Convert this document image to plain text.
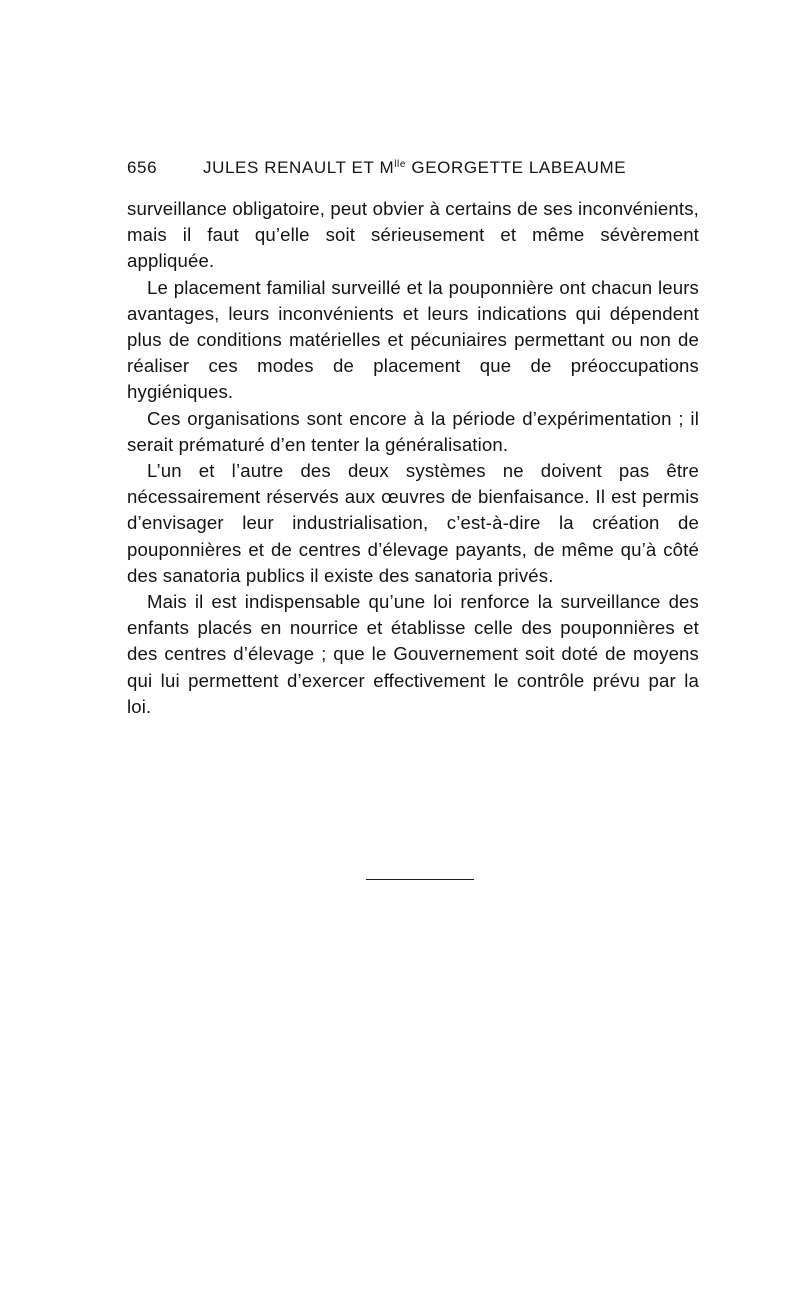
656	JULES RENAULT ET $M^{lle}$ GEORGETTE LABEAUME

surveillance obligatoire, peut obvier à certains de ses inconvénients, mais il faut qu’elle soit sérieusement et même sévèrement appliquée.

Le placement familial surveillé et la pouponnière ont chacun leurs avantages, leurs inconvénients et leurs indications qui dépendent plus de conditions matérielles et pécuniaires permettant ou non de réaliser ces modes de placement que de préoccupations hygiéniques.

Ces organisations sont encore à la période d’expérimentation ; il serait prématuré d’en tenter la généralisation.

L’un et l’autre des deux systèmes ne doivent pas être nécessairement réservés aux œuvres de bienfaisance. Il est permis d’envisager leur industrialisation, c’est-à-dire la création de pouponnières et de centres d’élevage payants, de même qu’à côté des sanatoria publics il existe des sanatoria privés.

Mais il est indispensable qu’une loi renforce la surveillance des enfants placés en nourrice et établisse celle des pouponnières et des centres d’élevage ; que le Gouvernement soit doté de moyens qui lui permettent d’exercer effectivement le contrôle prévu par la loi.
